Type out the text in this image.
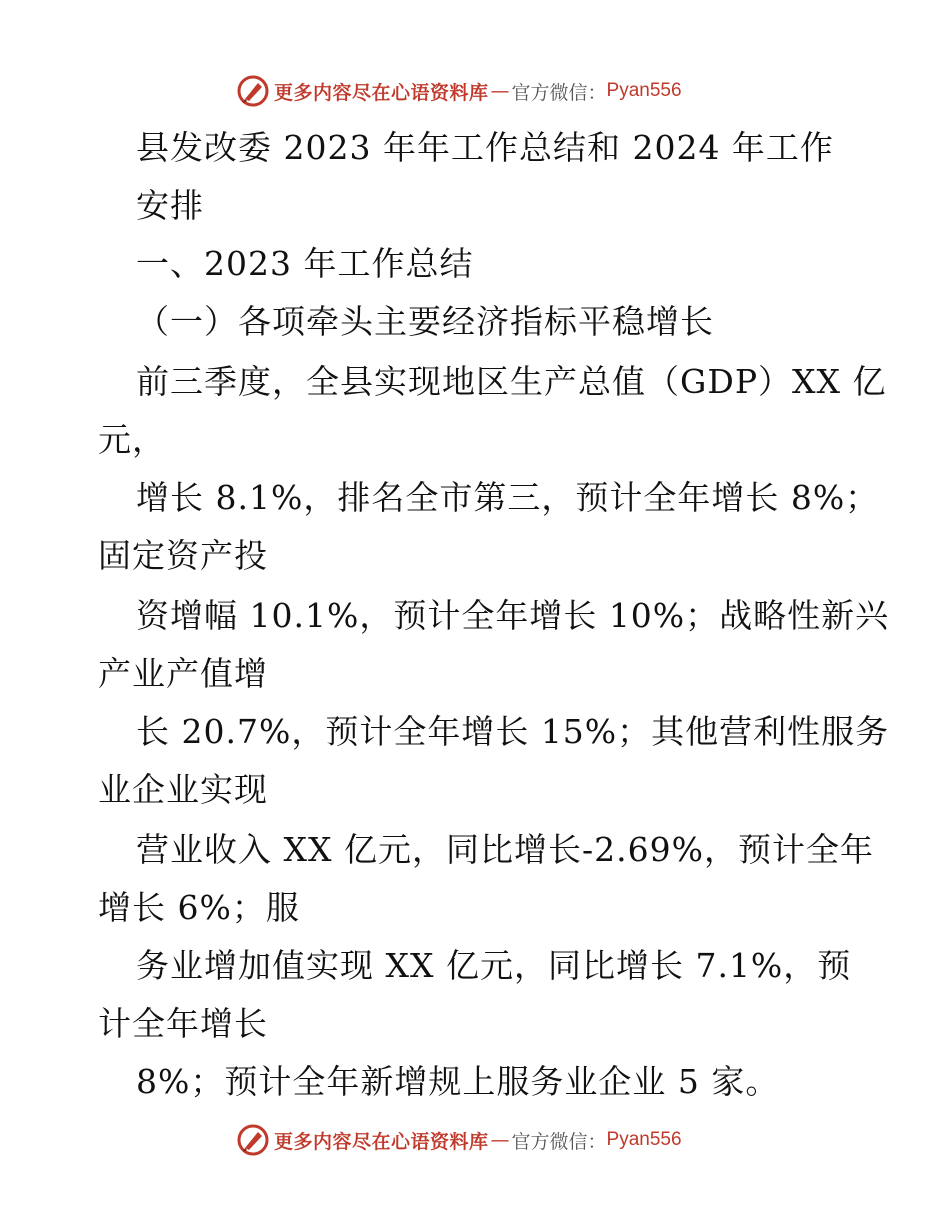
更多内容尽在心语资料库 — 官方微信： Pyan556
县发改委 2023 年年工作总结和 2024 年工作
安排
一、2023 年工作总结
（一）各项牵头主要经济指标平稳增长
前三季度，全县实现地区生产总值（GDP）XX 亿
元，
增长 8.1%，排名全市第三，预计全年增长 8%；
固定资产投
资增幅 10.1%，预计全年增长 10%；战略性新兴
产业产值增
长 20.7%，预计全年增长 15%；其他营利性服务
业企业实现
营业收入 XX 亿元，同比增长-2.69%，预计全年
增长 6%；服
务业增加值实现 XX 亿元，同比增长 7.1%，预
计全年增长
8%；预计全年新增规上服务业企业 5 家。
更多内容尽在心语资料库 — 官方微信： Pyan556
